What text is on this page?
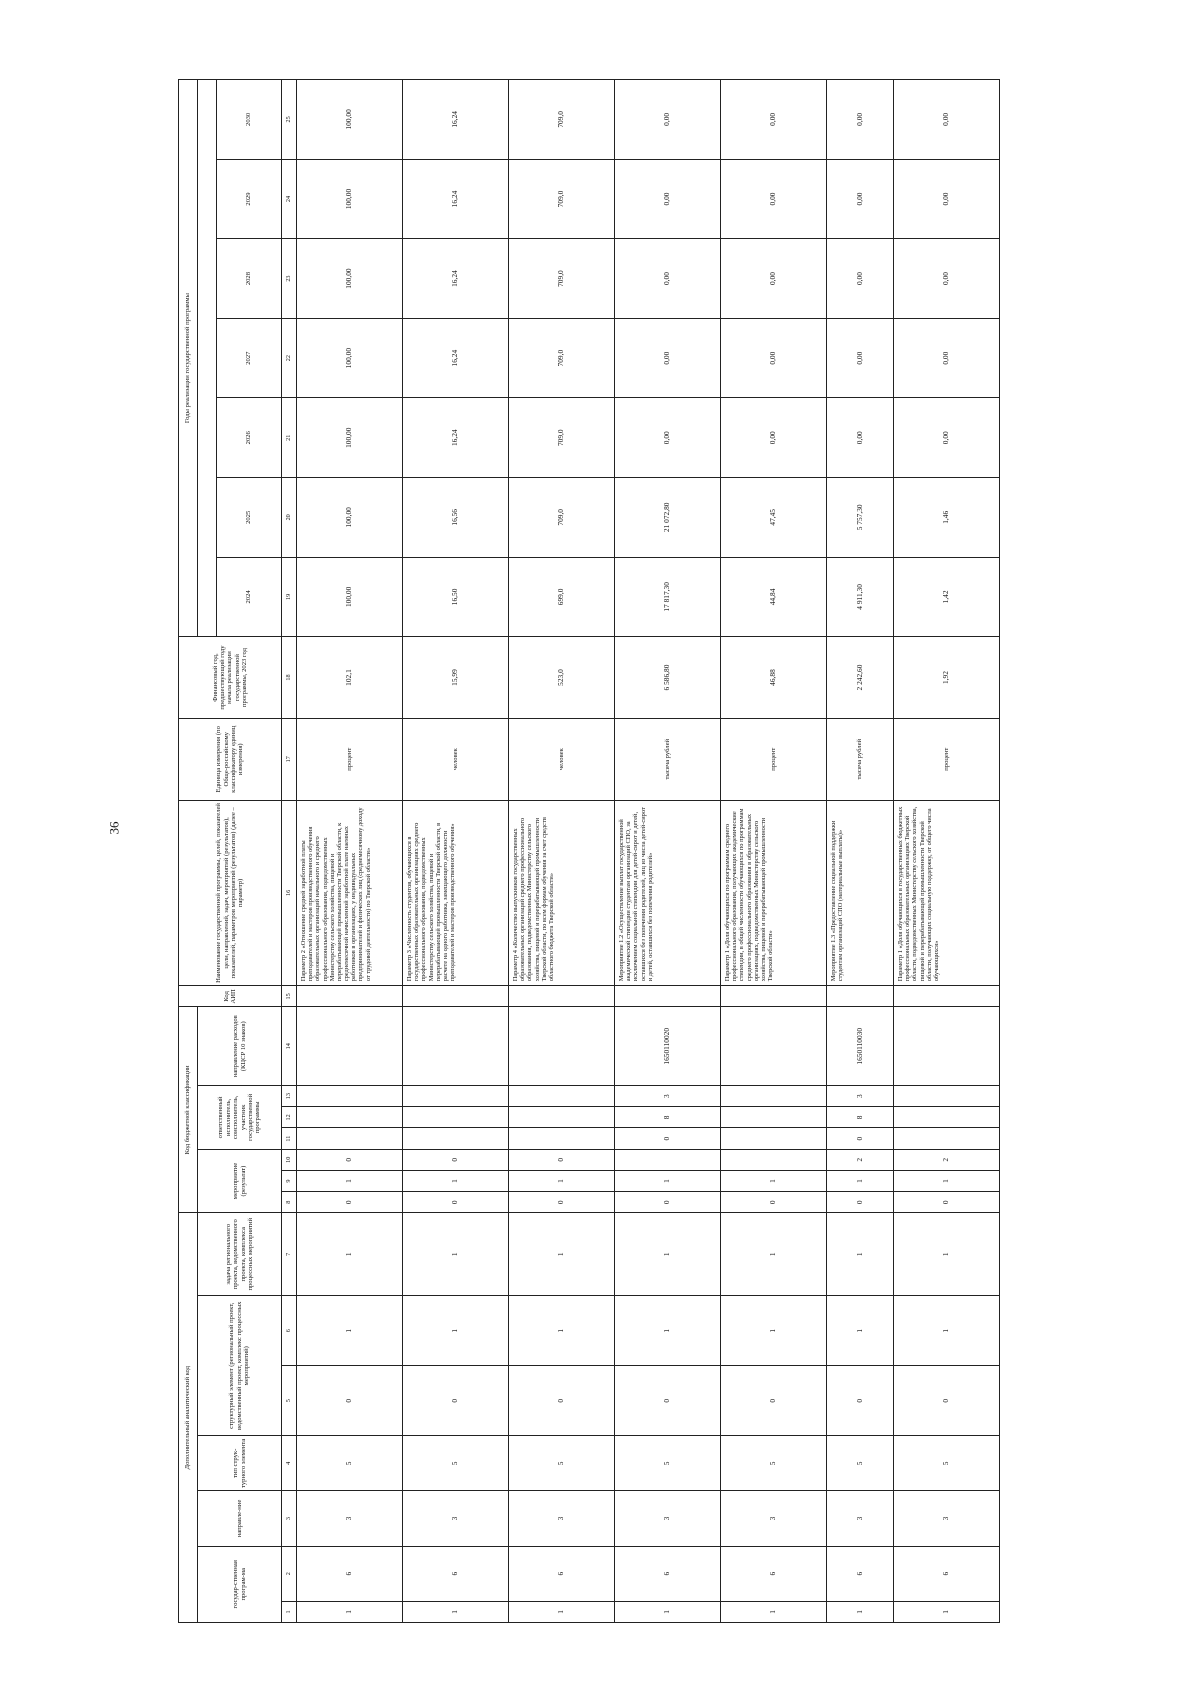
36
Дополнительный аналитический код							Код бюджетной классификации							Код АИП	Наименование государственной программы, целей, показателей цели, направлений, задач, мероприятий (результатов), показателей, параметров мероприятий (результатов) (далее – параметр)	Единица измерения (по Обще-российскому классификатору единиц измерения)	Финансовый год, предшествующий году начала реализации государственной программы, 2023 год	Годы реализации государственной программы						
государ-ственная програм-ма		направле-ние	тип струк-турного элемента	структурный элемент (региональный проект, ведомственный проект, комплекс процессных мероприятий)		задача регионального проекта, ведомственного проекта, комплекса процессных мероприятий	мероприятие (результат)			ответственный исполнитель, соисполнитель, участник государственной программы			направление расходов (КЦСР 10 знаков)											
																		2024	2025	2026	2027	2028	2029	2030
1	2	3	4	5	6	7	8	9	10	11	12	13	14	15	16	17	18	19	20	21	22	23	24	25
1	6	3	5	0	1	1	0	1	0						Параметр 2 «Отношение средней заработной платы преподавателей и мастеров производственного обучения образовательных организаций начального и среднего профессионального образования, подведомственных Министерству сельского хозяйства, пищевой и перерабатывающей промышленности Тверской области, к среднемесячной начисленной заработной плате наемных работников в организациях, у индивидуальных предпринимателей и физических лиц (среднемесячному доходу от трудовой деятельности) по Тверской области»	процент	102,1	100,00	100,00	100,00	100,00	100,00	100,00	100,00
1	6	3	5	0	1	1	0	1	0						Параметр 3 «Численность студентов, обучающихся в государственных образовательных организациях среднего профессионального образования, подведомственных Министерству сельского хозяйства, пищевой и перерабатывающей промышленности Тверской области, в расчете на одного работника, замещающего должности преподавателей и мастеров производственного обучения»	человек	15,99	16,50	16,56	16,24	16,24	16,24	16,24	16,24
1	6	3	5	0	1	1	0	1	0						Параметр 4 «Количество выпускников государственных образовательных организаций среднего профессионального образования, подведомственных Министерству сельского хозяйства, пищевой и перерабатывающей промышленности Тверской области, по всем формам обучения за счет средств областного бюджета Тверской области»	человек	523,0	699,0	709,0	709,0	709,0	709,0	709,0	709,0
1	6	3	5	0	1	1	0	1		0	8	3	1650110020		Мероприятие 1.2 «Осуществление выплат государственной академической стипендии студентам организаций СПО, за исключением социальной стипендии для детей-сирот и детей, оставшихся без попечения родителей, лиц из числа детей-сирот и детей, оставшихся без попечения родителей»	тысяча рублей	6 586,80	17 817,30	21 072,80	0,00	0,00	0,00	0,00	0,00
1	6	3	5	0	1	1	0	1							Параметр 1 «Доля обучающихся по программам среднего профессионального образования, получающих академические стипендии, в общей численности обучающихся по программам среднего профессионального образования в образовательных организациях, подведомственных Министерству сельского хозяйства, пищевой и перерабатывающей промышленности Тверской области»	процент	46,88	44,84	47,45	0,00	0,00	0,00	0,00	0,00
1	6	3	5	0	1	1	0	1	2	0	8	3	1650110030		Мероприятие 1.3 «Предоставление социальной поддержки студентам организаций СПО (материальные выплаты)»	тысяча рублей	2 242,60	4 911,30	5 757,30	0,00	0,00	0,00	0,00	0,00
1	6	3	5	0	1	1	0	1	2						Параметр 1 «Доля обучающихся в государственных бюджетных профессиональных образовательных организациях Тверской области, подведомственных Министерству сельского хозяйства, пищевой и перерабатывающей промышленности Тверской области, получающих социальную поддержку, от общего числа обучающихся»	процент	1,92	1,42	1,46	0,00	0,00	0,00	0,00	0,00
